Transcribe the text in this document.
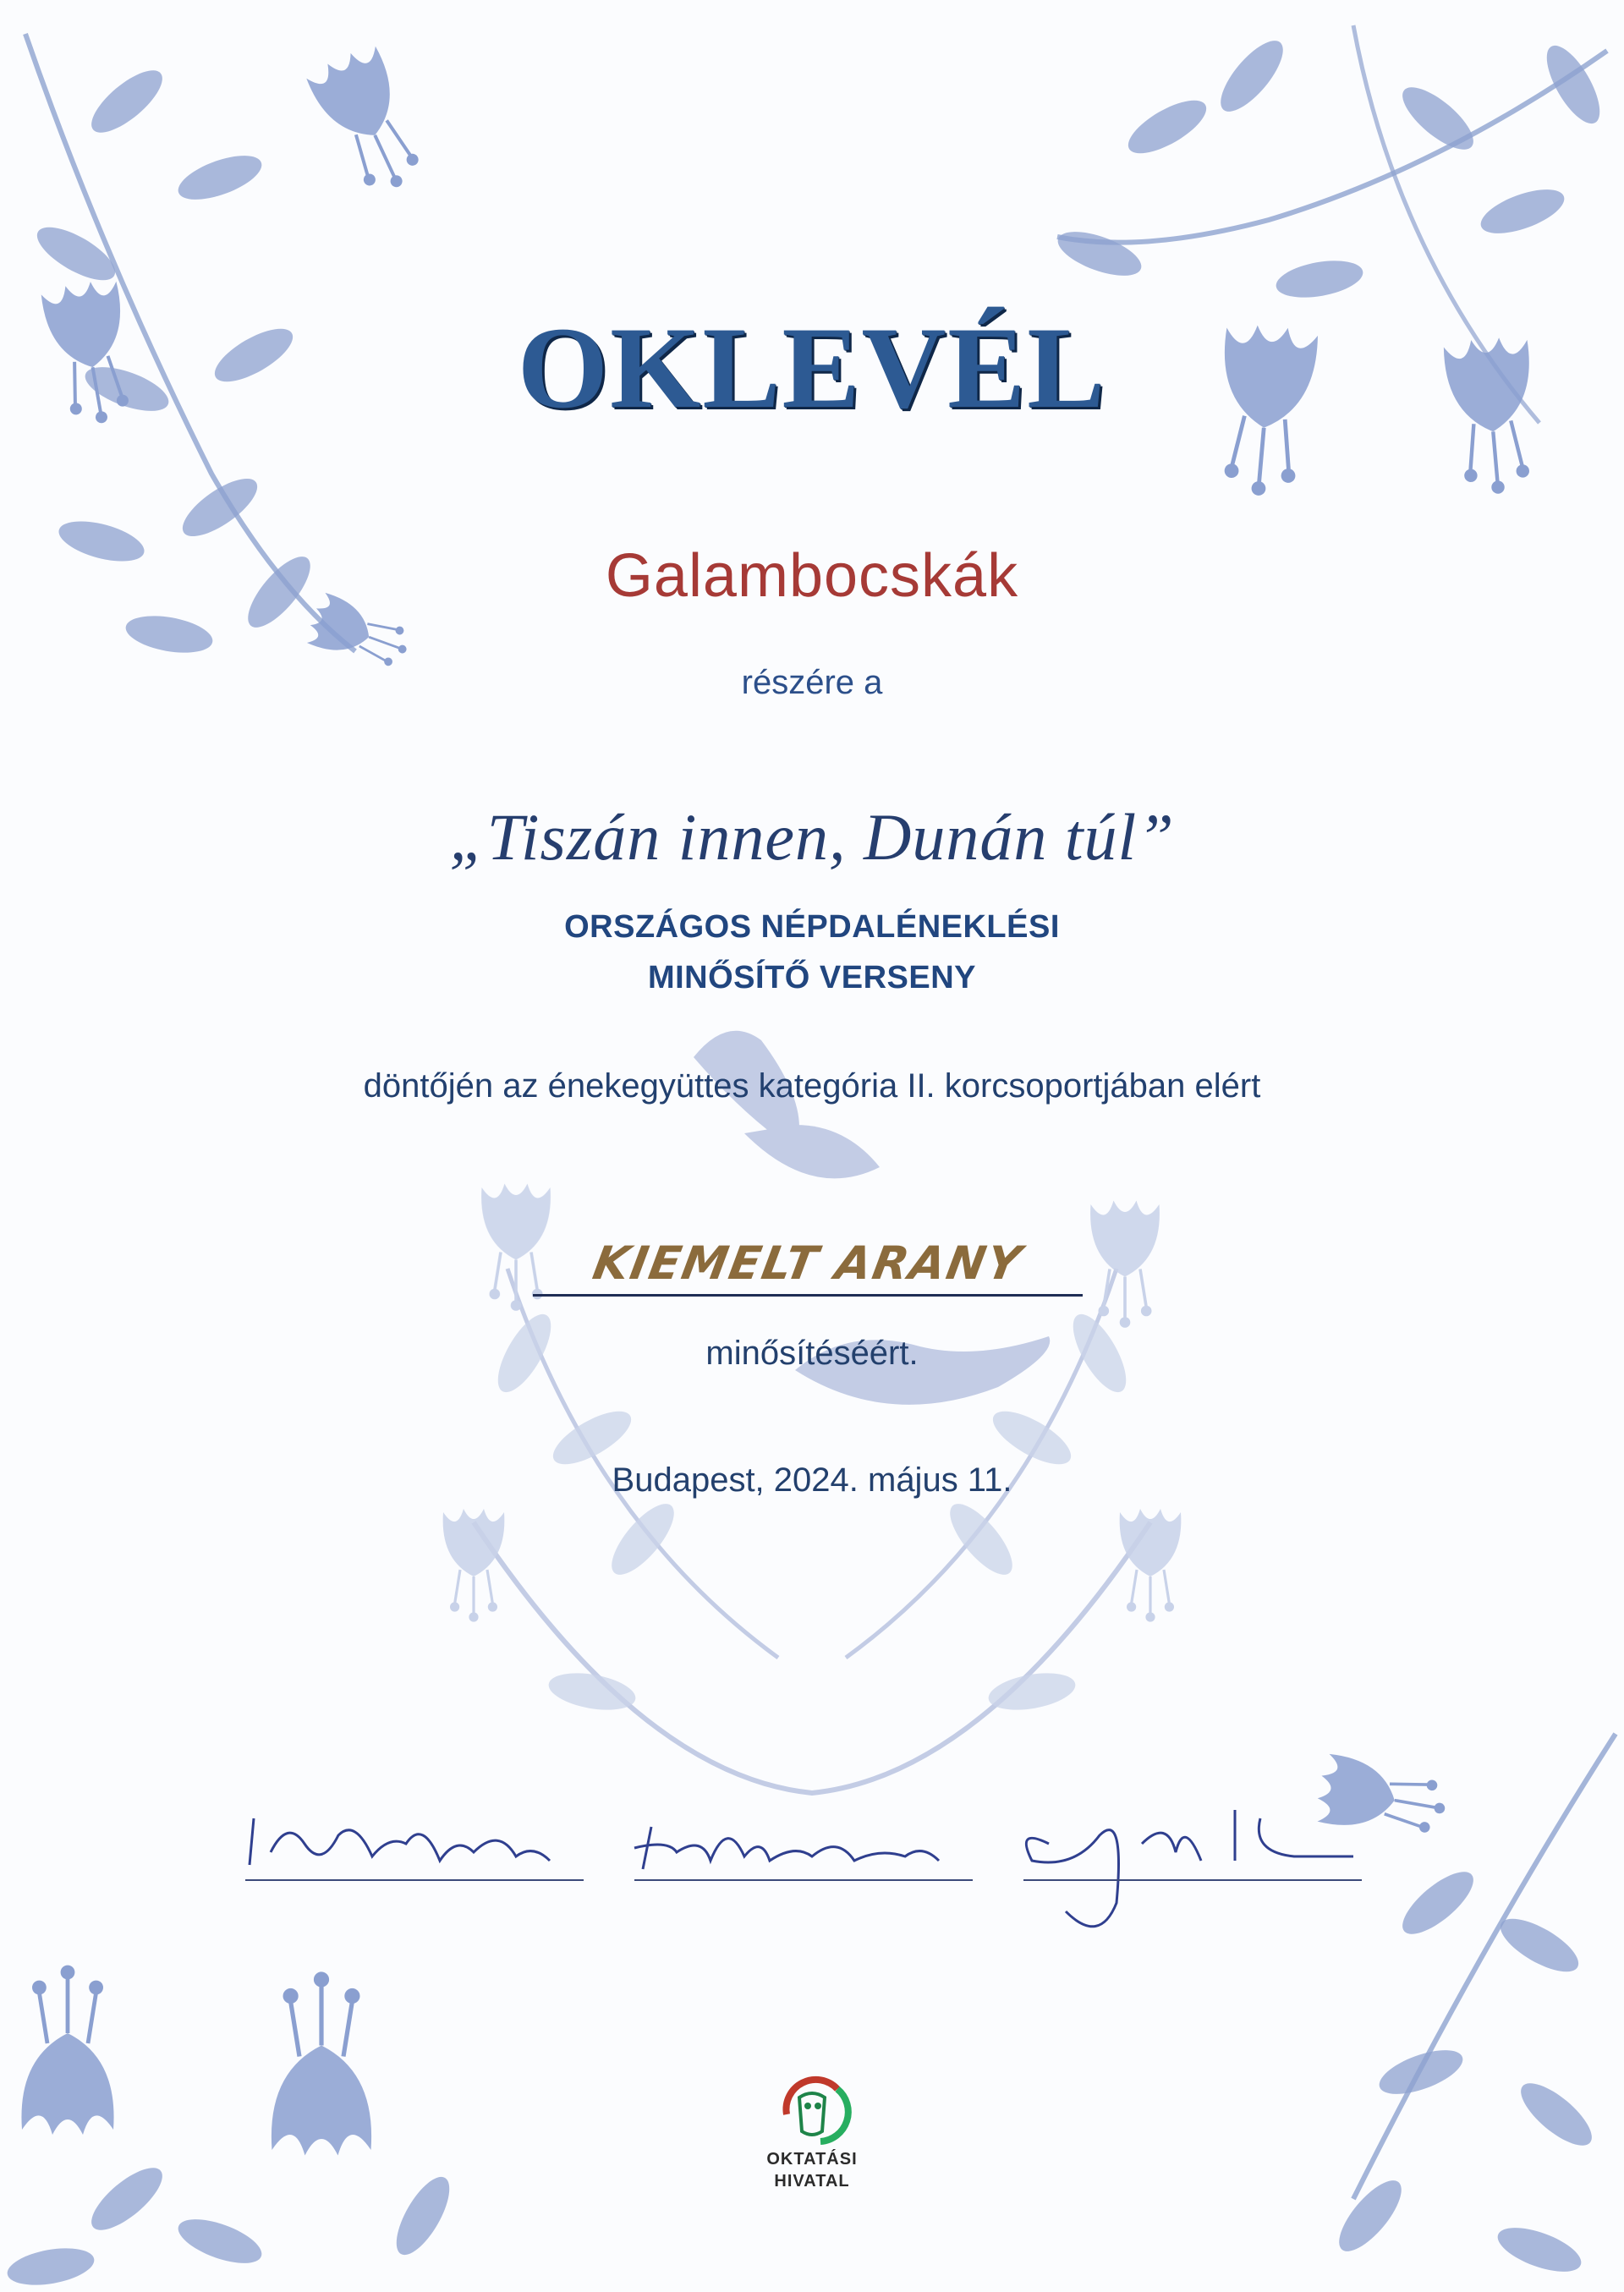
OKLEVÉL
Galambocskák
részére a
„Tiszán innen, Dunán túl”
ORSZÁGOS NÉPDALÉNEKLÉSI
MINŐSÍTŐ VERSENY
döntőjén az énekegyüttes kategória II. korcsoportjában elért
KIEMELT ARANY
minősítéséért.
Budapest, 2024. május 11.
OKTATÁSI
HIVATAL
